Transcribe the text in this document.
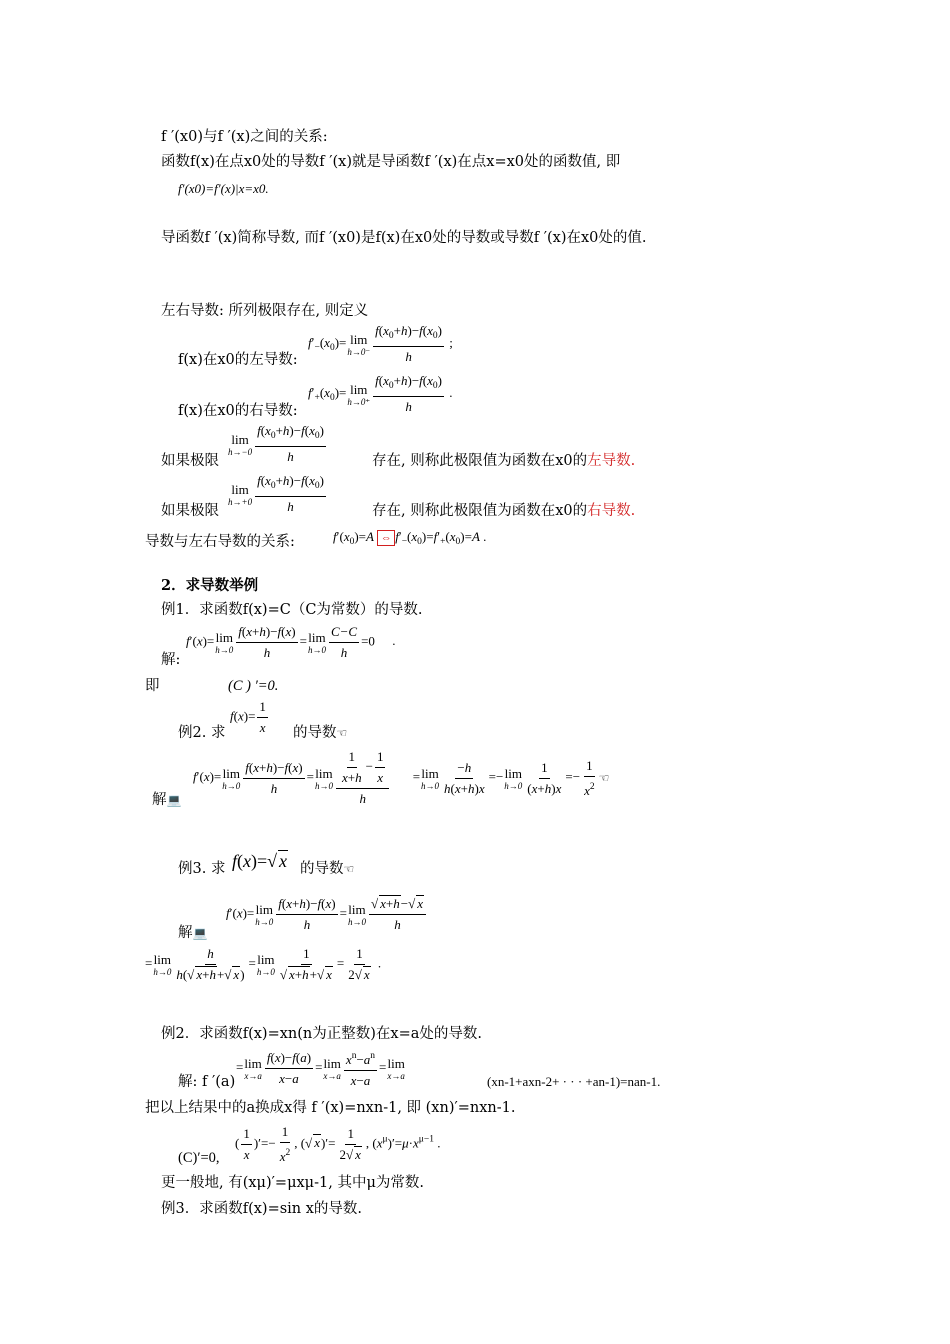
f ′(x0)与f ′(x)之间的关系:
函数f(x)在点x0处的导数f ′(x)就是导函数f ′(x)在点x=x0处的函数值, 即
f′(x0)=f′(x)|x=x0.
导函数f ′(x)简称导数, 而f ′(x0)是f(x)在x0处的导数或导数f ′(x)在x0处的值.
左右导数: 所列极限存在, 则定义
f(x)在x0的左导数:
$f'_-(x_0)= \lim$
$h\to 0^- \frac{f(x_0+h)-f(x_0)}{h}$ ;
f(x)在x0的右导数:
$f'_+(x_0)= \lim$
$h\to 0^+ \frac{f(x_0+h)-f(x_0)}{h}$ .
如果极限
lim
$h\to-0 \frac{f(x_0+h)-f(x_0)}{h}$	存在, 则称此极限值为函数在x0的左导数.
如果极限
lim
$h\to+0 \frac{f(x_0+h)-f(x_0)}{h}$	存在, 则称此极限值为函数在x0的右导数.
导数与左右导数的关系:	$f'(x_0)=A$ ⇔ $f'_-(x_0)=f'_+(x_0)=A$ .
2．求导数举例
例1．求函数f(x)=C（C为常数）的导数.
解:
f′(x)= lim
$h\to 0 \frac{f(x+h)-f(x)}{h} = \lim$
$h\to 0 \frac{C-C}{h} =0$ .
即	(C ) ′=0.
例2. 求
$f(x)= \frac{1}{x}$ 的导数☜
解💻
f′(x)= lim
$h\to 0 \frac{f(x+h)-f(x)}{h} = \lim$
$h\to 0 \frac{\frac{1}{x+h} - \frac{1}{x}}{h} = \lim$
$h\to 0 \frac{-h}{h(x+h)x} =- \lim$
$h\to 0 \frac{1}{(x+h)x} =- \frac{1}{x^2}$ ☜
例3. 求 f(x)=√ x 的导数☜
解💻
f′(x)= lim
$h\to 0 \frac{f(x+h)-f(x)}{h} = \lim$
$h\to 0 \frac{√ x+h-√ x}{h}$
= lim
$h\to 0 \frac{h}{h(√ x+h+√ x)} = \lim$
$h\to 0 \frac{1}{√ x+h+√ x} = \frac{1}{2√ x}$ .
例2．求函数f(x)=xn(n为正整数)在x=a处的导数.
解: f ′(a)
= lim
$x\to a \frac{f(x)-f(a)}{x-a} = \lim$
$x\to a \frac{x^n-a^n}{x-a} = \lim$
x→a	(xn-1+axn-2+ · · · +an-1)=nan-1.
把以上结果中的a换成x得 f ′(x)=nxn-1, 即 (xn)′=nxn-1.
(C)′=0,
( $\frac{1}{x}$ )′=− $\frac{1}{x^2}$ , (√ $x)'= \frac{1}{2√ x}$ , $(x^\mu)'=\mu\cdot x^{\mu-1}$ .
更一般地, 有(xμ)′=μxμ-1, 其中μ为常数.
例3．求函数f(x)=sin x的导数.
